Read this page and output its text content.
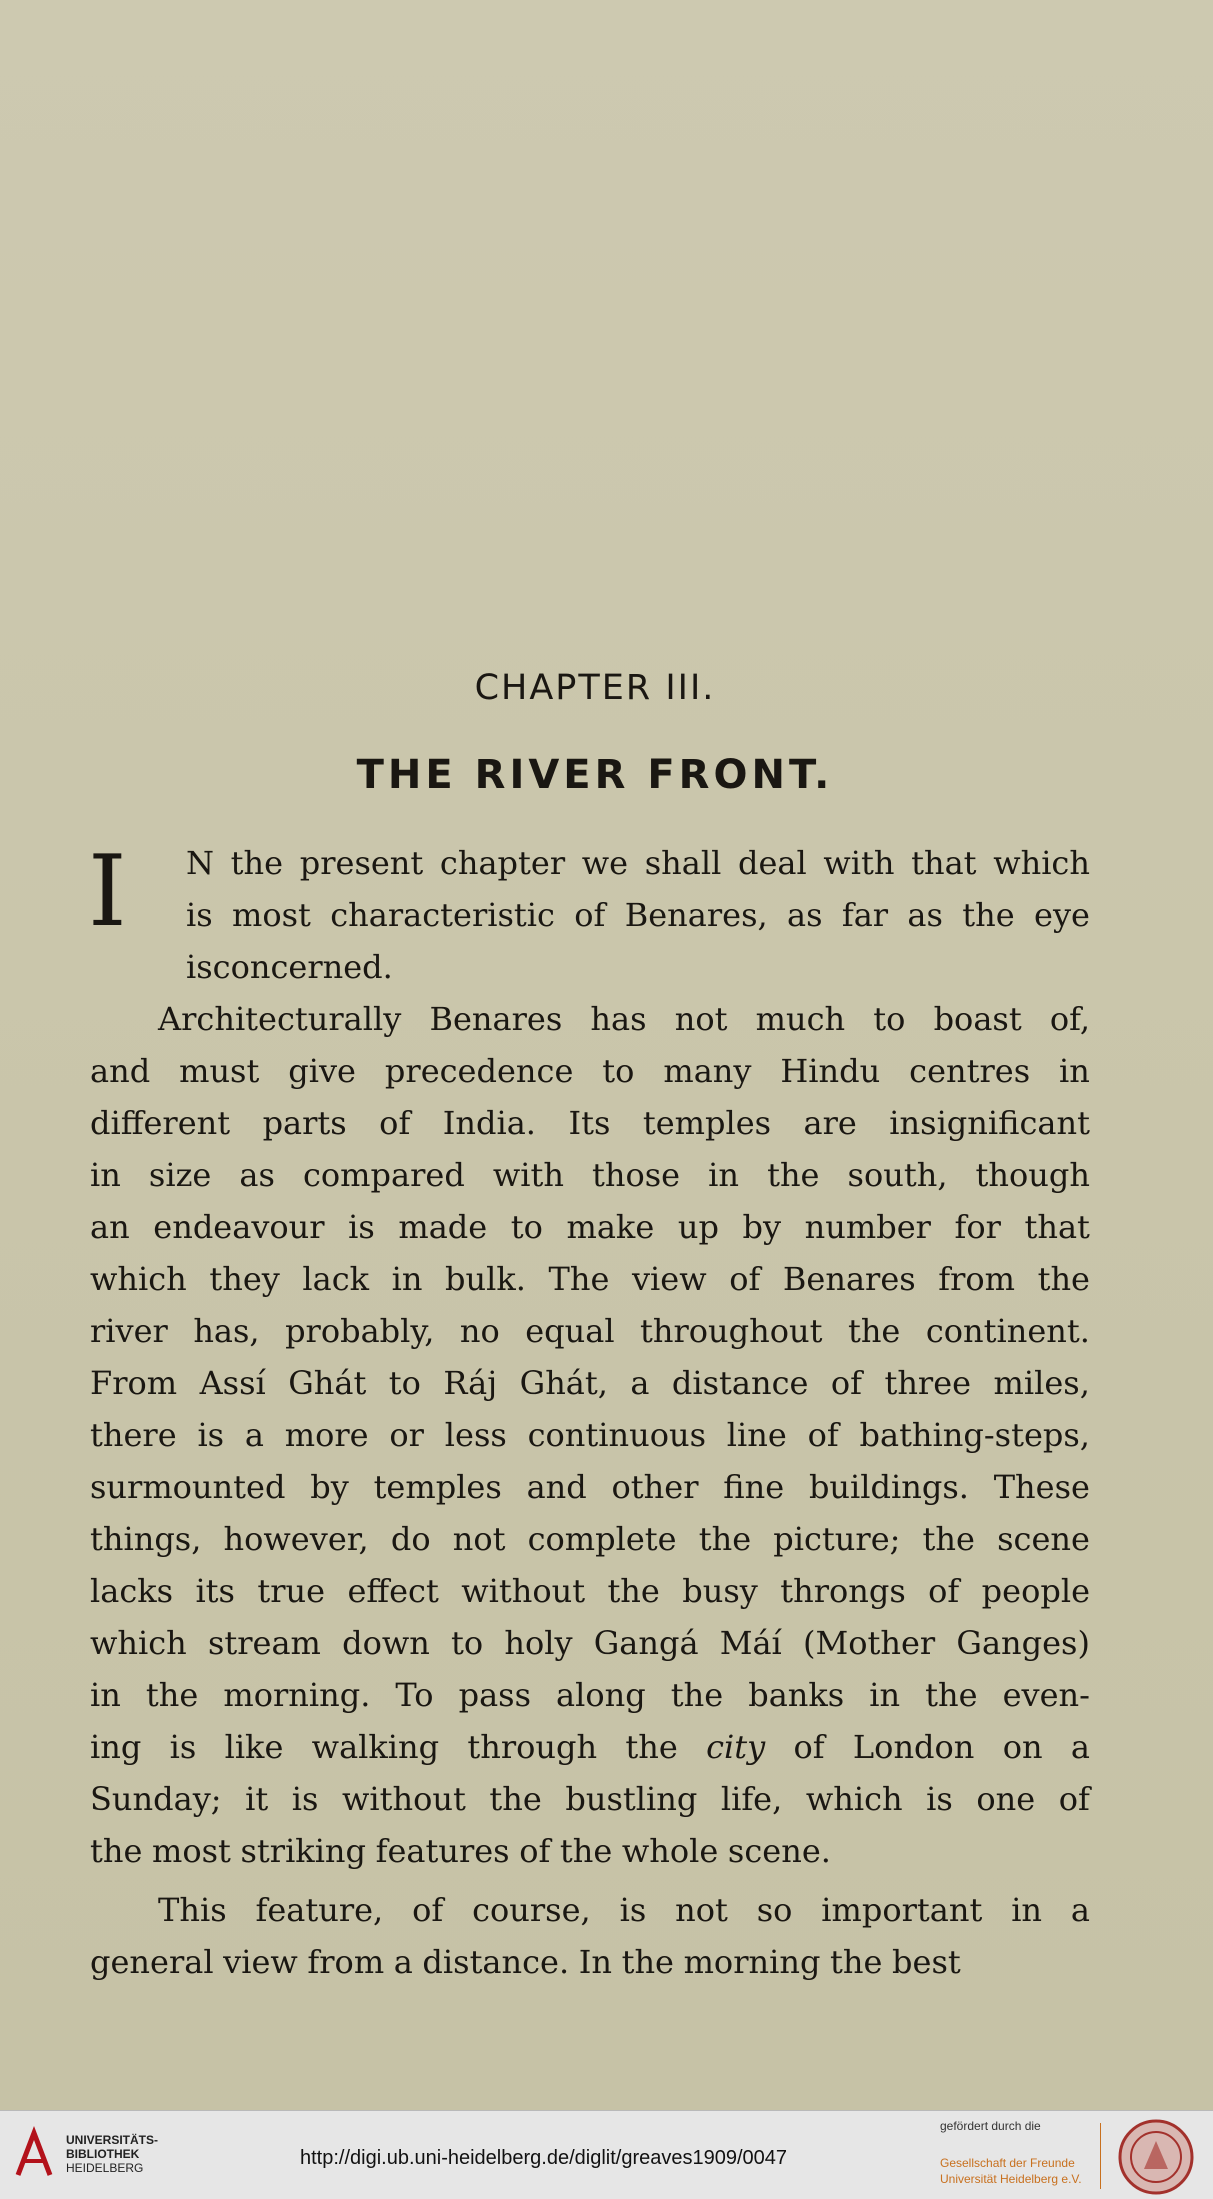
CHAPTER III.
THE RIVER FRONT.
I N the present chapter we shall deal with that which
is most characteristic of Benares, as far as the eye
is concerned.
Architecturally Benares has not much to boast of,
and must give precedence to many Hindu centres in
different parts of India. Its temples are insignificant
in size as compared with those in the south, though
an endeavour is made to make up by number for that
which they lack in bulk. The view of Benares from the
river has, probably, no equal throughout the continent.
From Assí Ghát to Ráj Ghát, a distance of three miles,
there is a more or less continuous line of bathing-steps,
surmounted by temples and other fine buildings. These
things, however, do not complete the picture; the scene
lacks its true effect without the busy throngs of people
which stream down to holy Gangá Máí (Mother Ganges)
in the morning. To pass along the banks in the even-
ing is like walking through the city of London on a
Sunday; it is without the bustling life, which is one of
the most striking features of the whole scene.
This feature, of course, is not so important in a
general view from a distance. In the morning the best
UNIVERSITÄTS-
BIBLIOTHEK
HEIDELBERG	http://digi.ub.uni-heidelberg.de/diglit/greaves1909/0047
gefördert durch die
Gesellschaft der Freunde
Universität Heidelberg e.V.
